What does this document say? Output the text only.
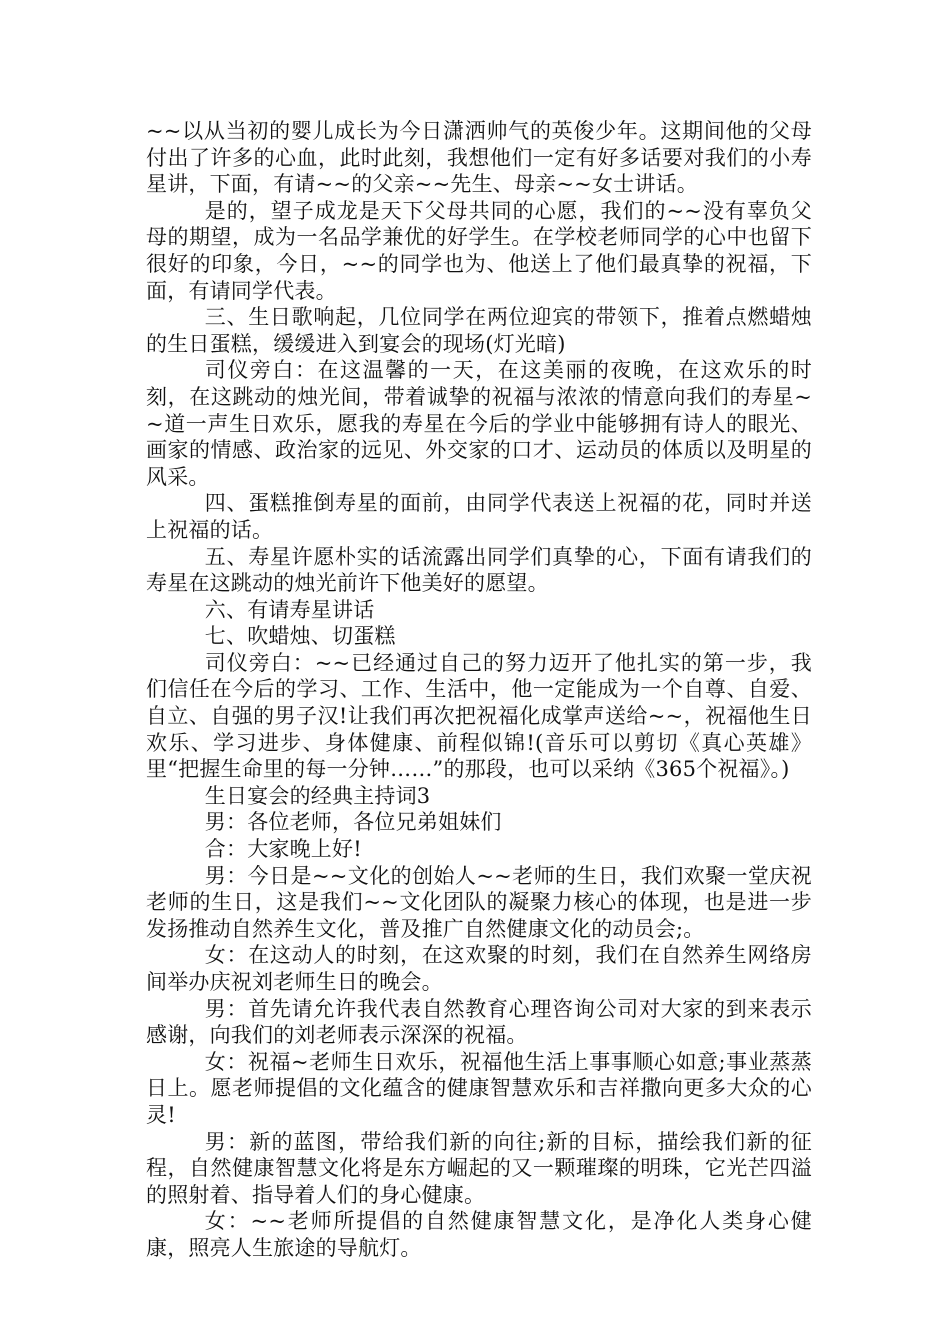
~~以从当初的婴儿成长为今日潇洒帅气的英俊少年。这期间他的父母付出了许多的心血，此时此刻，我想他们一定有好多话要对我们的小寿星讲，下面，有请~~的父亲~~先生、母亲~~女士讲话。

是的，望子成龙是天下父母共同的心愿，我们的~~没有辜负父母的期望，成为一名品学兼优的好学生。在学校老师同学的心中也留下很好的印象，今日，~~的同学也为、他送上了他们最真挚的祝福，下面，有请同学代表。

三、生日歌响起，几位同学在两位迎宾的带领下，推着点燃蜡烛的生日蛋糕，缓缓进入到宴会的现场(灯光暗)

司仪旁白：在这温馨的一天，在这美丽的夜晚，在这欢乐的时刻，在这跳动的烛光间，带着诚挚的祝福与浓浓的情意向我们的寿星~~道一声生日欢乐，愿我的寿星在今后的学业中能够拥有诗人的眼光、画家的情感、政治家的远见、外交家的口才、运动员的体质以及明星的风采。

四、蛋糕推倒寿星的面前，由同学代表送上祝福的花，同时并送上祝福的话。

五、寿星许愿朴实的话流露出同学们真挚的心，下面有请我们的寿星在这跳动的烛光前许下他美好的愿望。

六、有请寿星讲话

七、吹蜡烛、切蛋糕

司仪旁白：~~已经通过自己的努力迈开了他扎实的第一步，我们信任在今后的学习、工作、生活中，他一定能成为一个自尊、自爱、自立、自强的男子汉!让我们再次把祝福化成掌声送给~~，祝福他生日欢乐、学习进步、身体健康、前程似锦!(音乐可以剪切《真心英雄》里“把握生命里的每一分钟……”的那段，也可以采纳《365个祝福》。)

生日宴会的经典主持词3

男：各位老师，各位兄弟姐妹们

合：大家晚上好!

男：今日是~~文化的创始人~~老师的生日，我们欢聚一堂庆祝老师的生日，这是我们~~文化团队的凝聚力核心的体现，也是进一步发扬推动自然养生文化，普及推广自然健康文化的动员会;。

女：在这动人的时刻，在这欢聚的时刻，我们在自然养生网络房间举办庆祝刘老师生日的晚会。

男：首先请允许我代表自然教育心理咨询公司对大家的到来表示感谢，向我们的刘老师表示深深的祝福。

女：祝福~老师生日欢乐，祝福他生活上事事顺心如意;事业蒸蒸日上。愿老师提倡的文化蕴含的健康智慧欢乐和吉祥撒向更多大众的心灵!

男：新的蓝图，带给我们新的向往;新的目标，描绘我们新的征程，自然健康智慧文化将是东方崛起的又一颗璀璨的明珠，它光芒四溢的照射着、指导着人们的身心健康。

女：~~老师所提倡的自然健康智慧文化，是净化人类身心健康，照亮人生旅途的导航灯。
